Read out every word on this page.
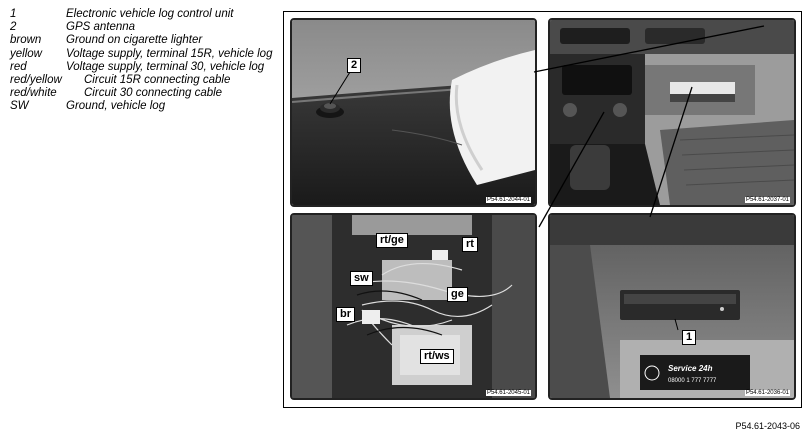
1	Electronic vehicle log control unit
2	GPS antenna
brown	Ground on cigarette lighter
yellow	Voltage supply, terminal 15R, vehicle log
red	Voltage supply, terminal 30, vehicle log
red/yellow	Circuit 15R connecting cable
red/white	Circuit 30 connecting cable
SW	Ground, vehicle log
2
P54.61-2044-01	P54.61-2037-01
rt/ge	rt
sw
ge
br
rt/ws
P54.61-2045-01
Service 24h
08000 1 777 7777
1
P54.61-2036-01
P54.61-2043-06
